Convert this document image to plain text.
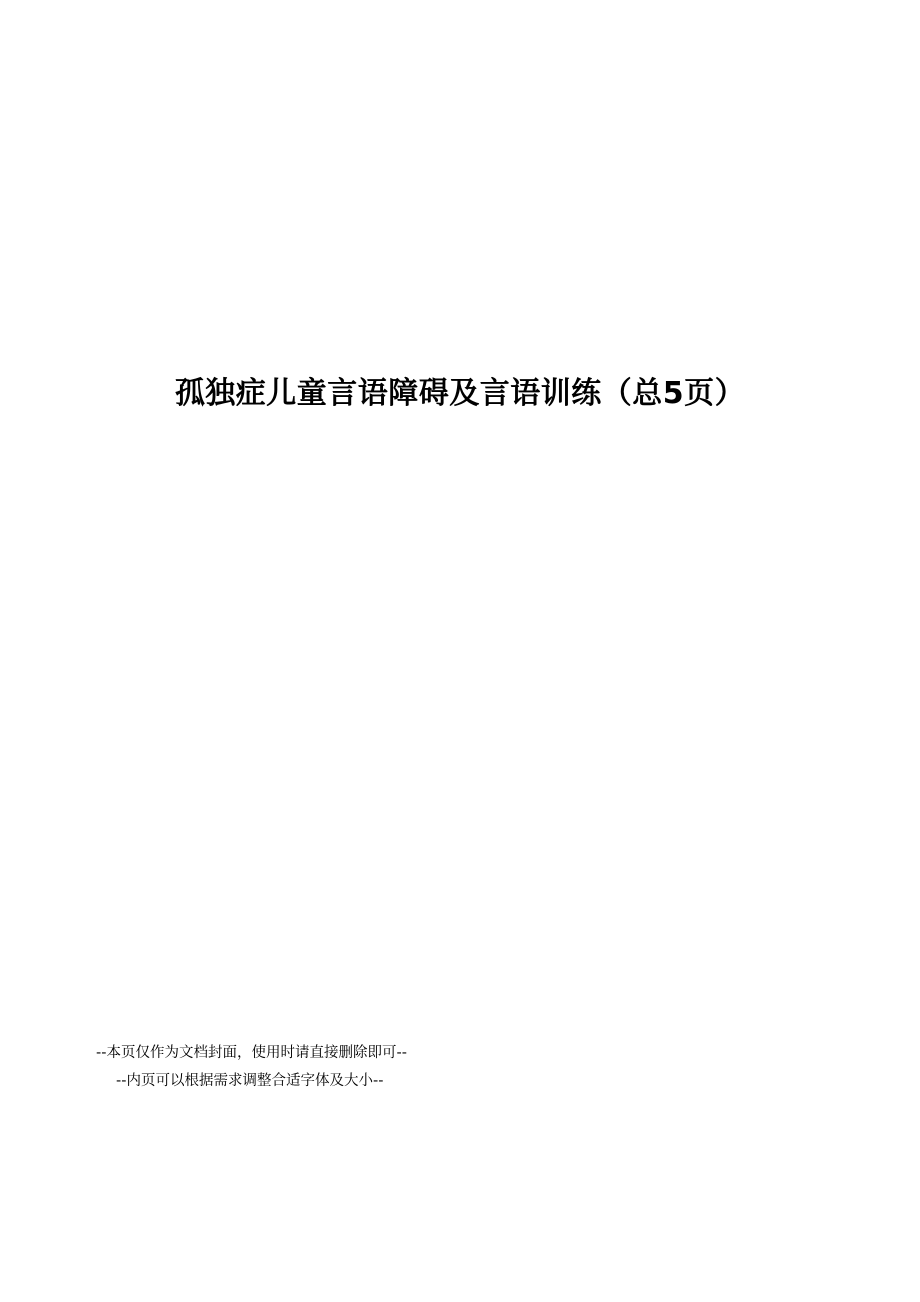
孤独症儿童言语障碍及言语训练（总5页）
--本页仅作为文档封面，使用时请直接删除即可--
--内页可以根据需求调整合适字体及大小--
